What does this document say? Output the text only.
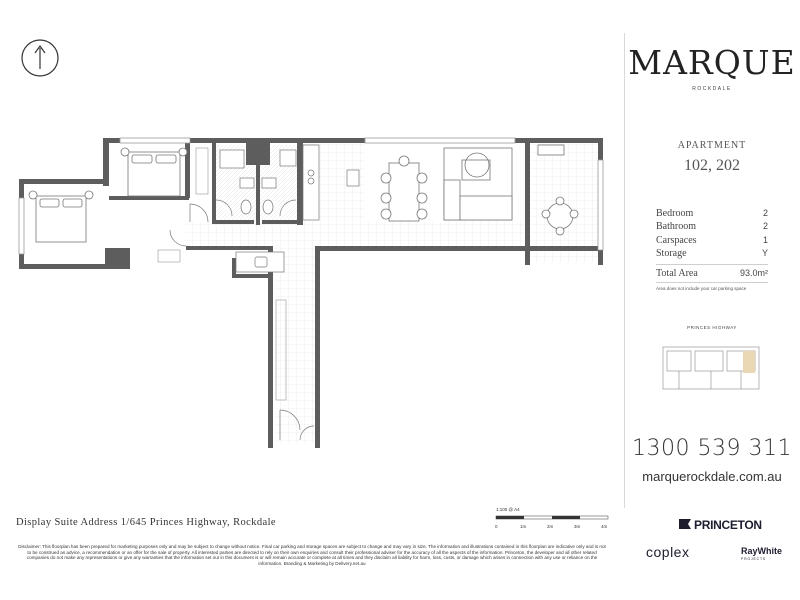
MARQUE
ROCKDALE
APARTMENT
102, 202
Bedroom	2
Bathroom	2
Carspaces	1
Storage	Y
Total Area	93.0m²
Area does not include your car parking space
PRINCES HIGHWAY
1300 539 311
marquerockdale.com.au
Display Suite Address 1/645 Princes Highway, Rockdale
1:100 @ A4
0	1m	2m	3m	4m
Disclaimer: This floorplan has been prepared for marketing purposes only and may be subject to change without notice. Final car parking and storage spaces are subject to change and may vary in size. The information and illustrations contained in this floorplan are indicative only and is not to be construed as advice, a recommendation or an offer for the sale of property. All interested parties are directed to rely on their own enquiries and consult their professional adviser for the accuracy of all the aspects of the information. Princeton, the developer and all other related companies do not make any representations or give any warranties that the information set out in this document is or will remain accurate or complete at all times and they disclaim all liability for harm, loss, costs, or damage which arises in connection with any use or reliance on the information. Branding & Marketing by Delivery.net.au
PRINCETON
coplex	RayWhite
PROJECTS
